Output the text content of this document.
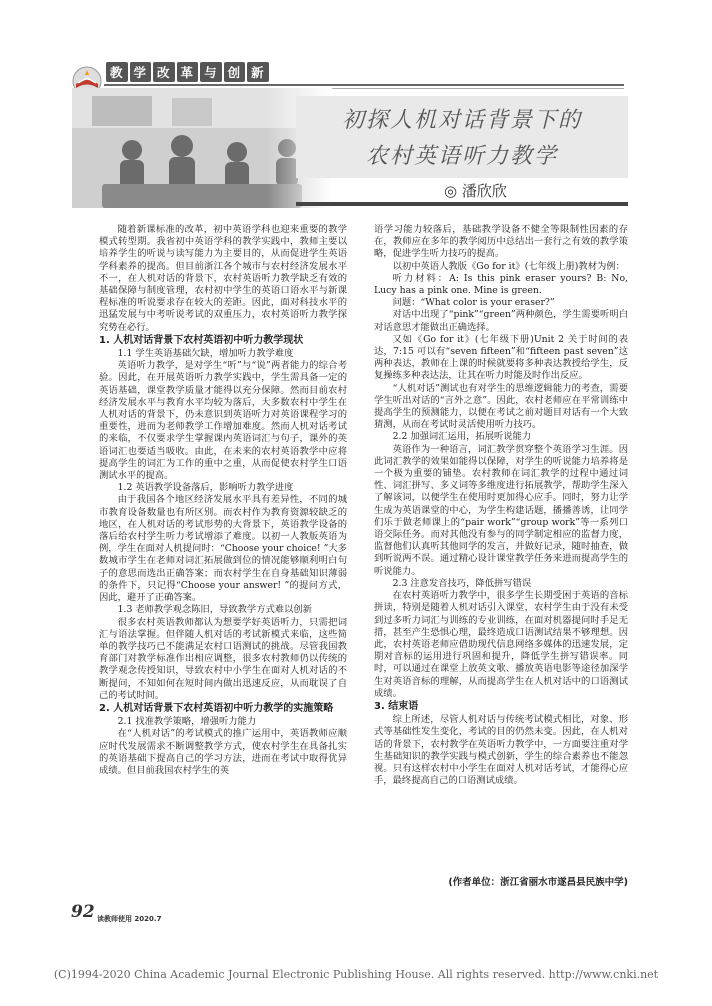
教 学 改 革 与 创 新
初探人机对话背景下的
农村英语听力教学
◎ 潘欣欣

随着新课标准的改革，初中英语学科也迎来重要的教学模式转型期。我省初中英语学科的教学实践中，教师主要以培养学生的听说与读写能力为主要目的，从而促进学生英语学科素养的提高。但目前浙江各个城市与农村经济发展水平不一，在人机对话的背景下，农村英语听力教学缺乏有效的基础保障与制度管理，农村初中学生的英语口语水平与新课程标准的听说要求存在较大的差距。因此，面对科技水平的迅猛发展与中考听说考试的双重压力，农村英语听力教学探究势在必行。

1. 人机对话背景下农村英语初中听力教学现状

1.1 学生英语基础欠缺，增加听力教学难度

英语听力教学，是对学生“听”与“说”两者能力的综合考验。因此，在开展英语听力教学实践中，学生需具备一定的英语基础，课堂教学质量才能得以充分保障。然而目前农村经济发展水平与教育水平均较为落后，大多数农村中学生在人机对话的背景下，仍未意识到英语听力对英语课程学习的重要性，进而为老师教学工作增加难度。然而人机对话考试的来临，不仅要求学生掌握课内英语词汇与句子，课外的英语词汇也要适当吸收。由此，在未来的农村英语教学中应将提高学生的词汇为工作的重中之重，从而促使农村学生口语测试水平的提高。

1.2 英语教学设备落后，影响听力教学进度

由于我国各个地区经济发展水平具有差异性，不同的城市教育设备数量也有所区别。而农村作为教育资源较缺乏的地区，在人机对话的考试形势的大背景下，英语教学设备的落后给农村学生听力考试增添了难度。以初一人教版英语为例，学生在面对人机提问时：“Choose your choice! ”大多数城市学生在老师对词汇拓展做到位的情况能够顺利明白句子的意思而选出正确答案；而农村学生在自身基础知识薄弱的条件下，只记得“Choose your answer! ”的提问方式，因此，避开了正确答案。

1.3 老师教学观念陈旧，导致教学方式难以创新

很多农村英语教师都认为想要学好英语听力，只需把词汇与语法掌握。但伴随人机对话的考试新模式来临，这些简单的教学技巧已不能满足农村口语测试的挑战。尽管我国教育部门对教学标准作出相应调整，很多农村教师仍以传统的教学观念传授知识，导致农村中小学生在面对人机对话的不断提问，不知如何在短时间内做出迅速反应，从而耽误了自己的考试时间。

2. 人机对话背景下农村英语初中听力教学的实施策略

2.1 找准教学策略，增强听力能力

在“人机对话”的考试模式的推广运用中，英语教师应顺应时代发展需求不断调整教学方式，使农村学生在具备扎实的英语基础下提高自己的学习方法，进而在考试中取得优异成绩。但目前我国农村学生的英

语学习能力较落后，基础教学设备不健全等限制性因素的存在，教师应在多年的教学阅历中总结出一套行之有效的教学策略，促进学生听力技巧的提高。

以初中英语人教版《Go for it》(七年级上册)教材为例：

听力材料：A: Is this pink eraser yours? B: No, Lucy has a pink one. Mine is green.

问题：“What color is your eraser?”

对话中出现了“pink”“green”两种颜色，学生需要听明白对话意思才能做出正确选择。

又如《Go for it》(七年级下册)Unit 2 关于时间的表达，7:15 可以有“seven fifteen”和“fifteen past seven”这两种表达，教师在上课的时候就要将多种表达教授给学生，反复操练多种表达法，让其在听力时能及时作出反应。

“人机对话”测试也有对学生的思维逻辑能力的考查，需要学生听出对话的“言外之意”。因此，农村老师应在平常训练中提高学生的预测能力，以便在考试之前对题目对话有一个大致猜测，从而在考试时灵活使用听力技巧。

2.2 加强词汇运用，拓展听说能力

英语作为一种语言，词汇教学贯穿整个英语学习生涯。因此词汇教学的效果如能得以保障，对学生的听说能力培养将是一个极为重要的铺垫。农村教师在词汇教学的过程中通过词性、词汇拼写、多义词等多维度进行拓展教学，帮助学生深入了解该词，以便学生在使用时更加得心应手。同时，努力让学生成为英语课堂的中心，为学生构建话题，播播善诱，让同学们乐于做老师课上的“pair work”“group work”等一系列口语交际任务。而对其他没有参与的同学制定相应的监督力度，监督他们认真听其他同学的发言，并做好记录，随时抽查，做到听说两不误。通过精心设计课堂教学任务来进而提高学生的听说能力。

2.3 注意发音技巧，降低拼写错误

在农村英语听力教学中，很多学生长期受困于英语的音标拼读，特别是随着人机对话引入课堂，农村学生由于没有未受到过多听力词汇与训练的专业训练，在面对机器提问时手足无措，甚至产生恐惧心理，最终造成口语测试结果不够理想。因此，农村英语老师应借助现代信息网络多媒体的迅速发展，定期对音标的运用进行巩固和提升，降低学生拼写错误率。同时，可以通过在课堂上放英文歌、播放英语电影等途径加深学生对英语音标的理解，从而提高学生在人机对话中的口语测试成绩。

3. 结束语

综上所述，尽管人机对话与传统考试模式相比，对象、形式等基础性发生变化，考试的目的仍然未变。因此，在人机对话的背景下，农村教学在英语听力教学中，一方面要注重对学生基础知识的教学实践与模式创新，学生的综合素养也不能忽视。只有这样农村中小学生在面对人机对话考试，才能得心应手，最终提高自己的口语测试成绩。

(作者单位：浙江省丽水市遂昌县民族中学)
92 读教师使用 2020.7
(C)1994-2020 China Academic Journal Electronic Publishing House. All rights reserved. http://www.cnki.net
